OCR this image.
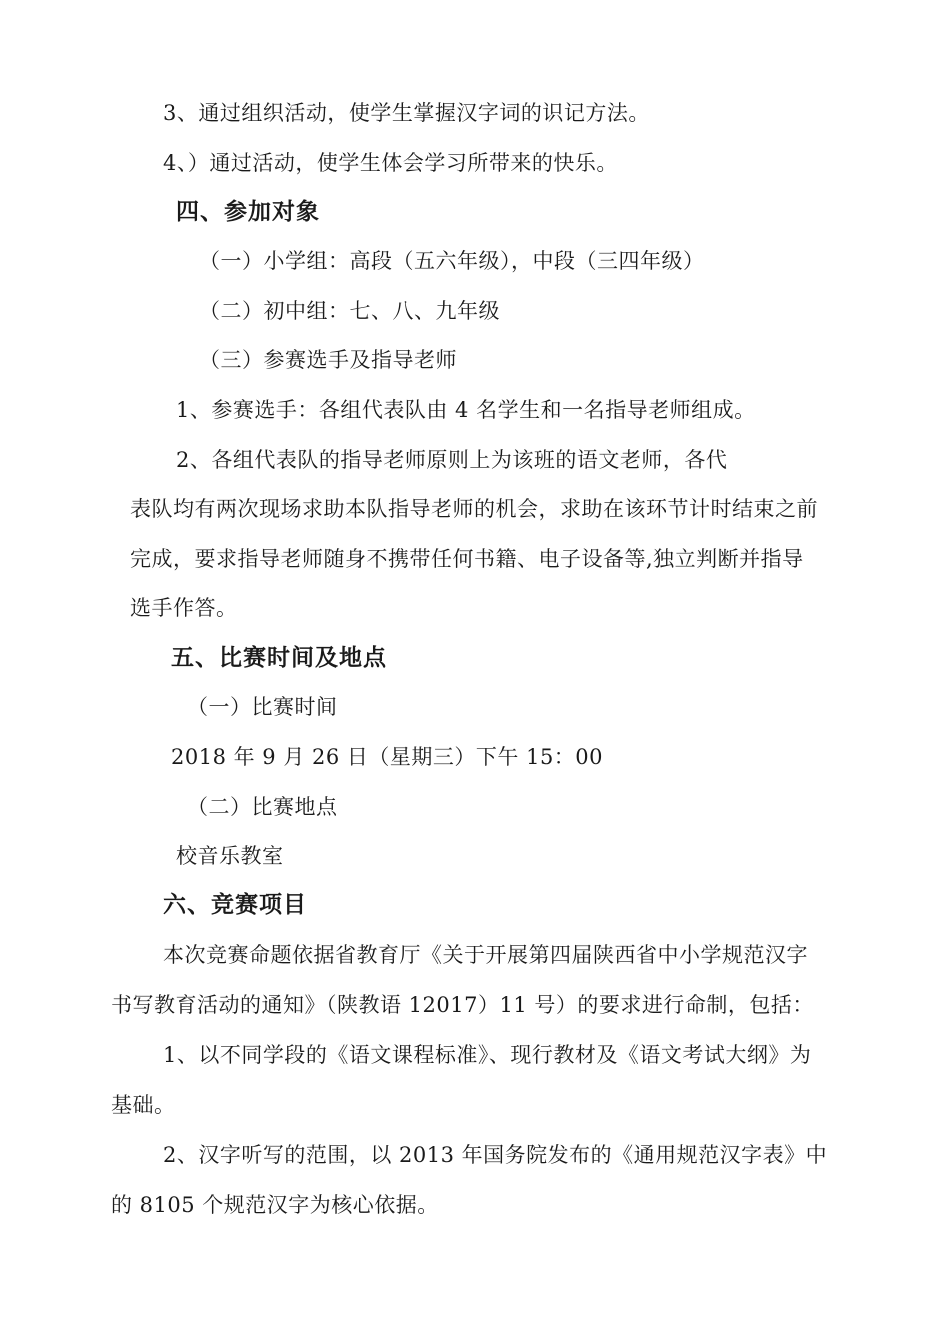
3、通过组织活动，使学生掌握汉字词的识记方法。
4、）通过活动，使学生体会学习所带来的快乐。
四、参加对象
（一）小学组：高段（五六年级），中段（三四年级）
（二）初中组：七、八、九年级
（三）参赛选手及指导老师
1、参赛选手：各组代表队由 4 名学生和一名指导老师组成。
2、各组代表队的指导老师原则上为该班的语文老师，各代
表队均有两次现场求助本队指导老师的机会，求助在该环节计时结束之前
完成，要求指导老师随身不携带任何书籍、电子设备等,独立判断并指导
选手作答。
五、比赛时间及地点
（一）比赛时间
2018 年 9 月 26 日（星期三）下午 15：00
（二）比赛地点
校音乐教室
六、竞赛项目
本次竞赛命题依据省教育厅《关于开展第四届陕西省中小学规范汉字
书写教育活动的通知》（陕教语 12017）11 号）的要求进行命制，包括：
1、以不同学段的《语文课程标准》、现行教材及《语文考试大纲》为
基础。
2、汉字听写的范围，以 2013 年国务院发布的《通用规范汉字表》中
的 8105 个规范汉字为核心依据。
